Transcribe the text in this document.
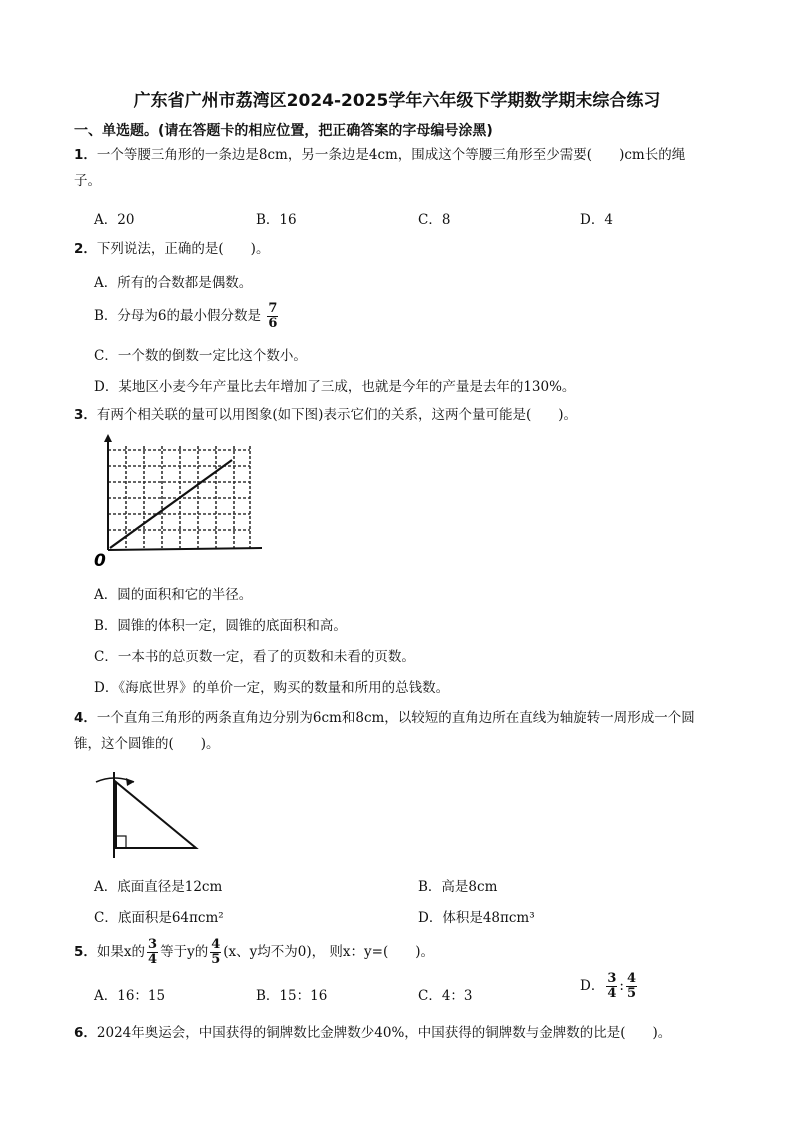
广东省广州市荔湾区2024-2025学年六年级下学期数学期末综合练习
一、单选题。(请在答题卡的相应位置，把正确答案的字母编号涂黑)
1．一个等腰三角形的一条边是8cm，另一条边是4cm，围成这个等腰三角形至少需要(　　)cm长的绳
子。
A．20	B．16	C．8	D．4
2．下列说法，正确的是(　　)。
A．所有的合数都是偶数。
B．分母为6的最小假分数是 $\frac{7}{6}$
C．一个数的倒数一定比这个数小。
D．某地区小麦今年产量比去年增加了三成，也就是今年的产量是去年的130%。
3．有两个相关联的量可以用图象(如下图)表示它们的关系，这两个量可能是(　　)。
0
A．圆的面积和它的半径。
B．圆锥的体积一定，圆锥的底面积和高。
C．一本书的总页数一定，看了的页数和未看的页数。
D．《海底世界》的单价一定，购买的数量和所用的总钱数。
4．一个直角三角形的两条直角边分别为6cm和8cm，以较短的直角边所在直线为轴旋转一周形成一个圆
锥，这个圆锥的(　　)。
A．底面直径是12cm	B．高是8cm
C．底面积是64πcm²	D．体积是48πcm³
5．如果x的 $\frac{3}{4}$ 等于y的 $\frac{4}{5} (x$、y均不为0)， 则x：y=(　　)。
A．16：15	B．15：16	C．4：3
D． $\frac{3}{4}$ : $\frac{4}{5}$
6．2024年奥运会，中国获得的铜牌数比金牌数少40%，中国获得的铜牌数与金牌数的比是(　　)。
